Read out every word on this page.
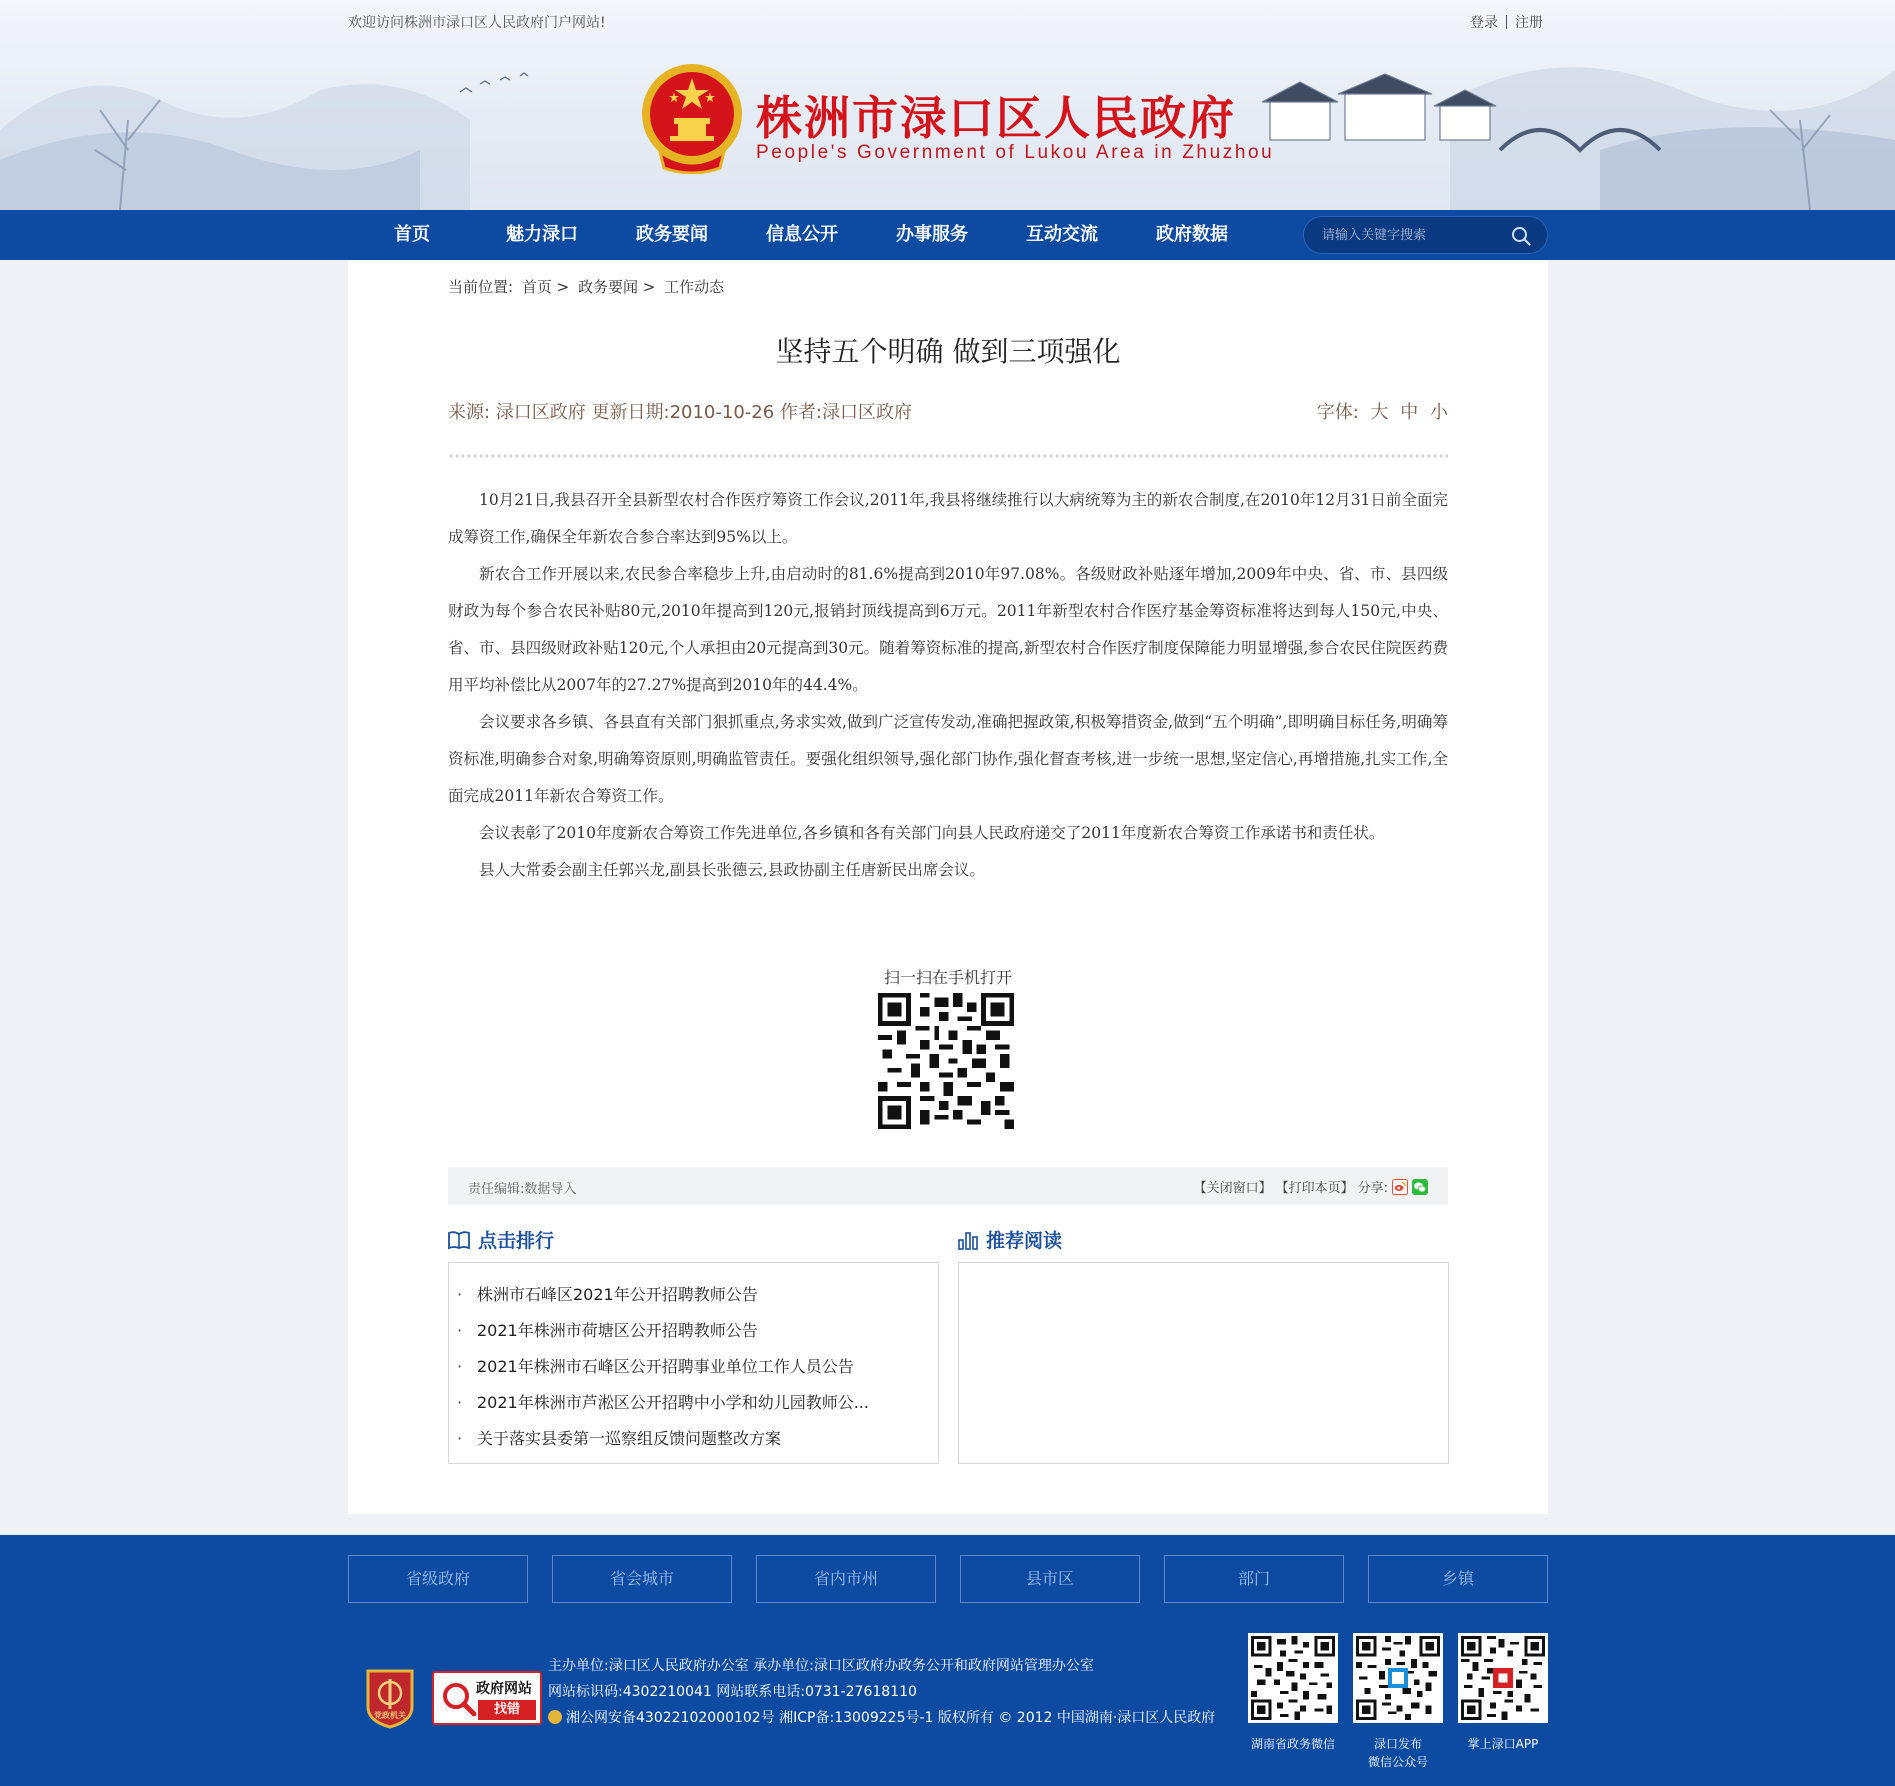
欢迎访问株洲市渌口区人民政府门户网站!	登录 注册
株洲市渌口区人民政府
People's Government of Lukou Area in Zhuzhou
首页	魅力渌口	政务要闻	信息公开	办事服务	互动交流	政府数据
请输入关键字搜索
当前位置: 首页 > 政务要闻 > 工作动态
坚持五个明确 做到三项强化
来源: 渌口区政府 更新日期:2010-10-26 作者:渌口区政府	字体: 大 中 小

10月21日,我县召开全县新型农村合作医疗筹资工作会议,2011年,我县将继续推行以大病统筹为主的新农合制度,在2010年12月31日前全面完成筹资工作,确保全年新农合参合率达到95%以上。

新农合工作开展以来,农民参合率稳步上升,由启动时的81.6%提高到2010年97.08%。各级财政补贴逐年增加,2009年中央、省、市、县四级财政为每个参合农民补贴80元,2010年提高到120元,报销封顶线提高到6万元。2011年新型农村合作医疗基金筹资标准将达到每人150元,中央、省、市、县四级财政补贴120元,个人承担由20元提高到30元。随着筹资标准的提高,新型农村合作医疗制度保障能力明显增强,参合农民住院医药费用平均补偿比从2007年的27.27%提高到2010年的44.4%。

会议要求各乡镇、各县直有关部门狠抓重点,务求实效,做到广泛宣传发动,准确把握政策,积极筹措资金,做到“五个明确”,即明确目标任务,明确筹资标准,明确参合对象,明确筹资原则,明确监管责任。要强化组织领导,强化部门协作,强化督查考核,进一步统一思想,坚定信心,再增措施,扎实工作,全面完成2011年新农合筹资工作。

会议表彰了2010年度新农合筹资工作先进单位,各乡镇和各有关部门向县人民政府递交了2011年度新农合筹资工作承诺书和责任状。

县人大常委会副主任郭兴龙,副县长张德云,县政协副主任唐新民出席会议。

扫一扫在手机打开
责任编辑:数据导入	【关闭窗口】 【打印本页】 分享:
点击排行
· 株洲市石峰区2021年公开招聘教师公告
· 2021年株洲市荷塘区公开招聘教师公告
· 2021年株洲市石峰区公开招聘事业单位工作人员公告
· 2021年株洲市芦淞区公开招聘中小学和幼儿园教师公...
· 关于落实县委第一巡察组反馈问题整改方案
推荐阅读
省级政府	省会城市	省内市州	县市区	部门	乡镇
党政机关
政府网站
找错
主办单位:渌口区人民政府办公室 承办单位:渌口区政府办政务公开和政府网站管理办公室
网站标识码:4302210041 网站联系电话:0731-27618110
湘公网安备43022102000102号 湘ICP备:13009225号-1 版权所有 © 2012 中国湖南·渌口区人民政府
湖南省政务微信	渌口发布
微信公众号
掌上渌口APP
